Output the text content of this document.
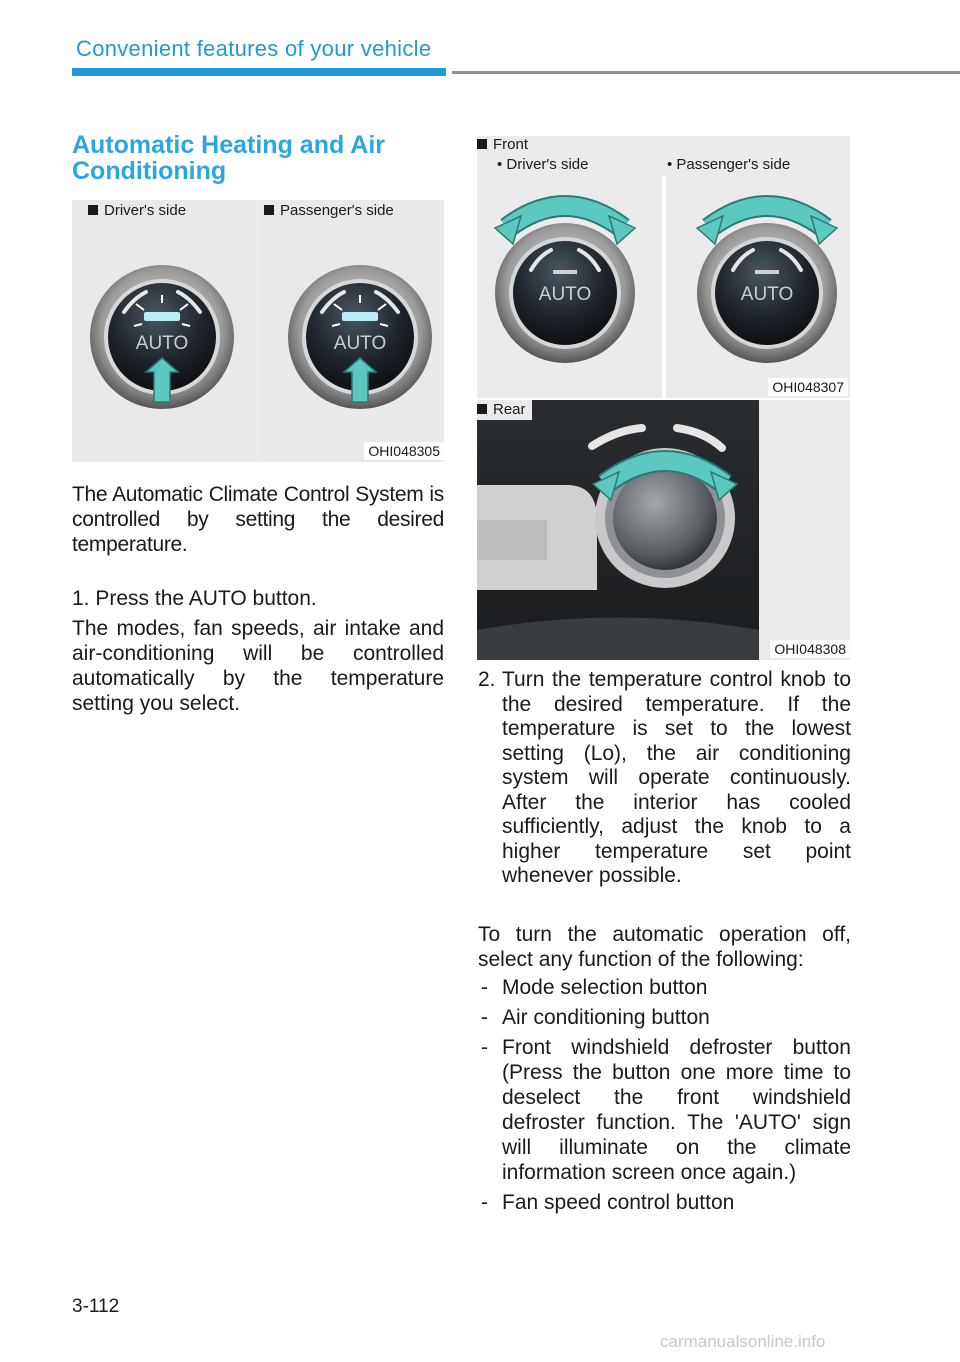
Convenient features of your vehicle
Automatic Heating and Air Conditioning
Driver's side
AUTO
Passenger's side
AUTO
OHI048305
Front
• Driver's side	• Passenger's side
AUTO	AUTO
OHI048307
Rear
OHI048308
The Automatic Climate Control System is controlled by setting the desired temperature.
1. Press the AUTO button.
The modes, fan speeds, air intake and air-conditioning will be controlled automatically by the temperature setting you select.
2. Turn the temperature control knob to the desired temperature. If the temperature is set to the lowest setting (Lo), the air conditioning system will operate continuously. After the interior has cooled sufficiently, adjust the knob to a higher temperature set point whenever possible.
To turn the automatic operation off, select any function of the following:
- Mode selection button
- Air conditioning button
- Front windshield defroster button (Press the button one more time to deselect the front windshield defroster function. The 'AUTO' sign will illuminate on the climate information screen once again.)
- Fan speed control button
3-112
carmanualsonline.info
